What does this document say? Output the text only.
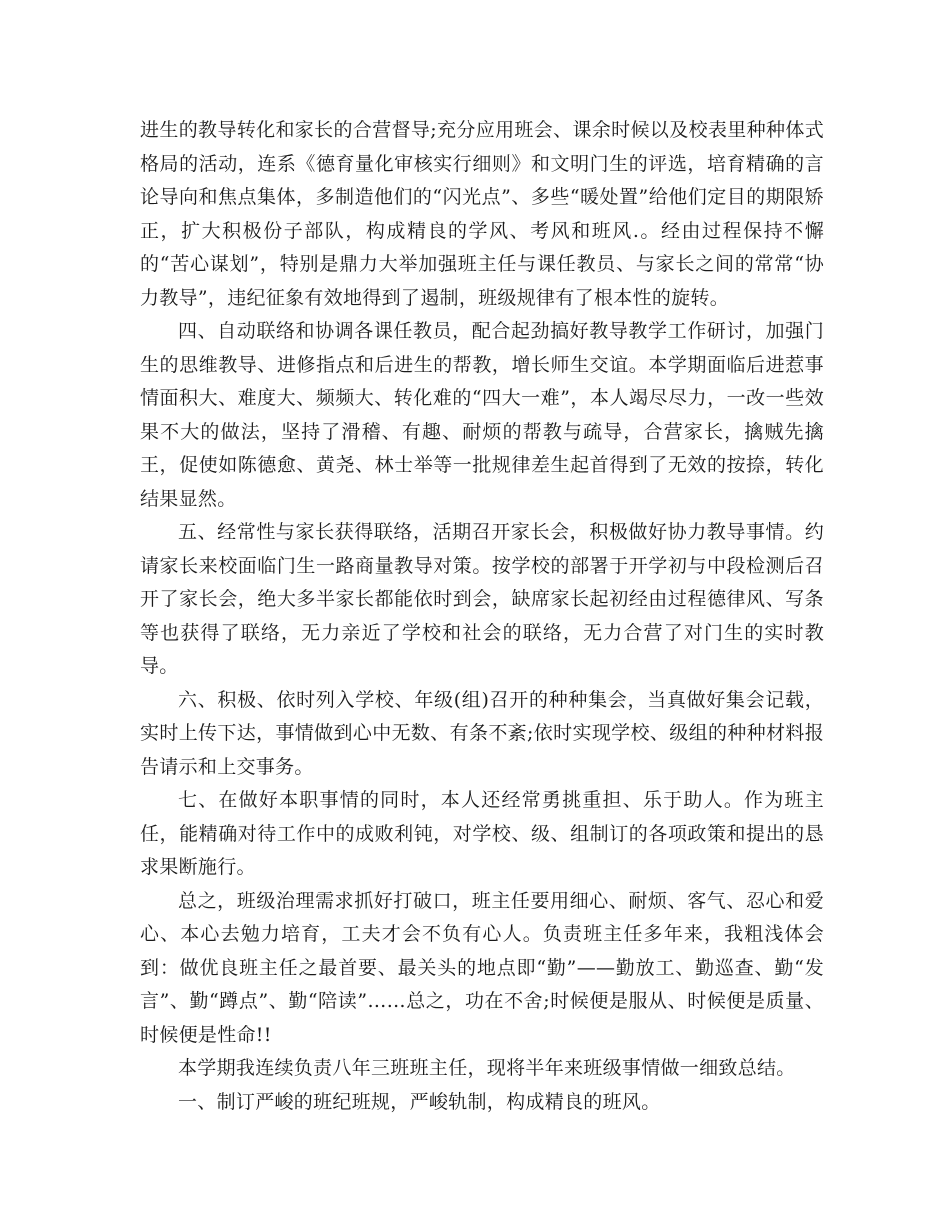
进生的教导转化和家长的合营督导;充分应用班会、课余时候以及校表里种种体式格局的活动，连系《德育量化审核实行细则》和文明门生的评选，培育精确的言论导向和焦点集体，多制造他们的“闪光点”、多些“暖处置”给他们定目的期限矫正，扩大积极份子部队，构成精良的学风、考风和班风.。经由过程保持不懈的“苦心谋划”，特别是鼎力大举加强班主任与课任教员、与家长之间的常常“协力教导”，违纪征象有效地得到了遏制，班级规律有了根本性的旋转。

四、自动联络和协调各课任教员，配合起劲搞好教导教学工作研讨，加强门生的思维教导、进修指点和后进生的帮教，增长师生交谊。本学期面临后进惹事情面积大、难度大、频频大、转化难的“四大一难”，本人竭尽尽力，一改一些效果不大的做法，坚持了滑稽、有趣、耐烦的帮教与疏导，合营家长，擒贼先擒王，促使如陈德愈、黄尧、林士举等一批规律差生起首得到了无效的按捺，转化结果显然。

五、经常性与家长获得联络，活期召开家长会，积极做好协力教导事情。约请家长来校面临门生一路商量教导对策。按学校的部署于开学初与中段检测后召开了家长会，绝大多半家长都能依时到会，缺席家长起初经由过程德律风、写条等也获得了联络，无力亲近了学校和社会的联络，无力合营了对门生的实时教导。

六、积极、依时列入学校、年级(组)召开的种种集会，当真做好集会记载，实时上传下达，事情做到心中无数、有条不紊;依时实现学校、级组的种种材料报告请示和上交事务。

七、在做好本职事情的同时，本人还经常勇挑重担、乐于助人。作为班主任，能精确对待工作中的成败利钝，对学校、级、组制订的各项政策和提出的恳求果断施行。

总之，班级治理需求抓好打破口，班主任要用细心、耐烦、客气、忍心和爱心、本心去勉力培育，工夫才会不负有心人。负责班主任多年来，我粗浅体会到：做优良班主任之最首要、最关头的地点即“勤”——勤放工、勤巡查、勤“发言”、勤“蹲点”、勤“陪读”……总之，功在不舍;时候便是服从、时候便是质量、时候便是性命!!

本学期我连续负责八年三班班主任，现将半年来班级事情做一细致总结。

一、制订严峻的班纪班规，严峻轨制，构成精良的班风。
